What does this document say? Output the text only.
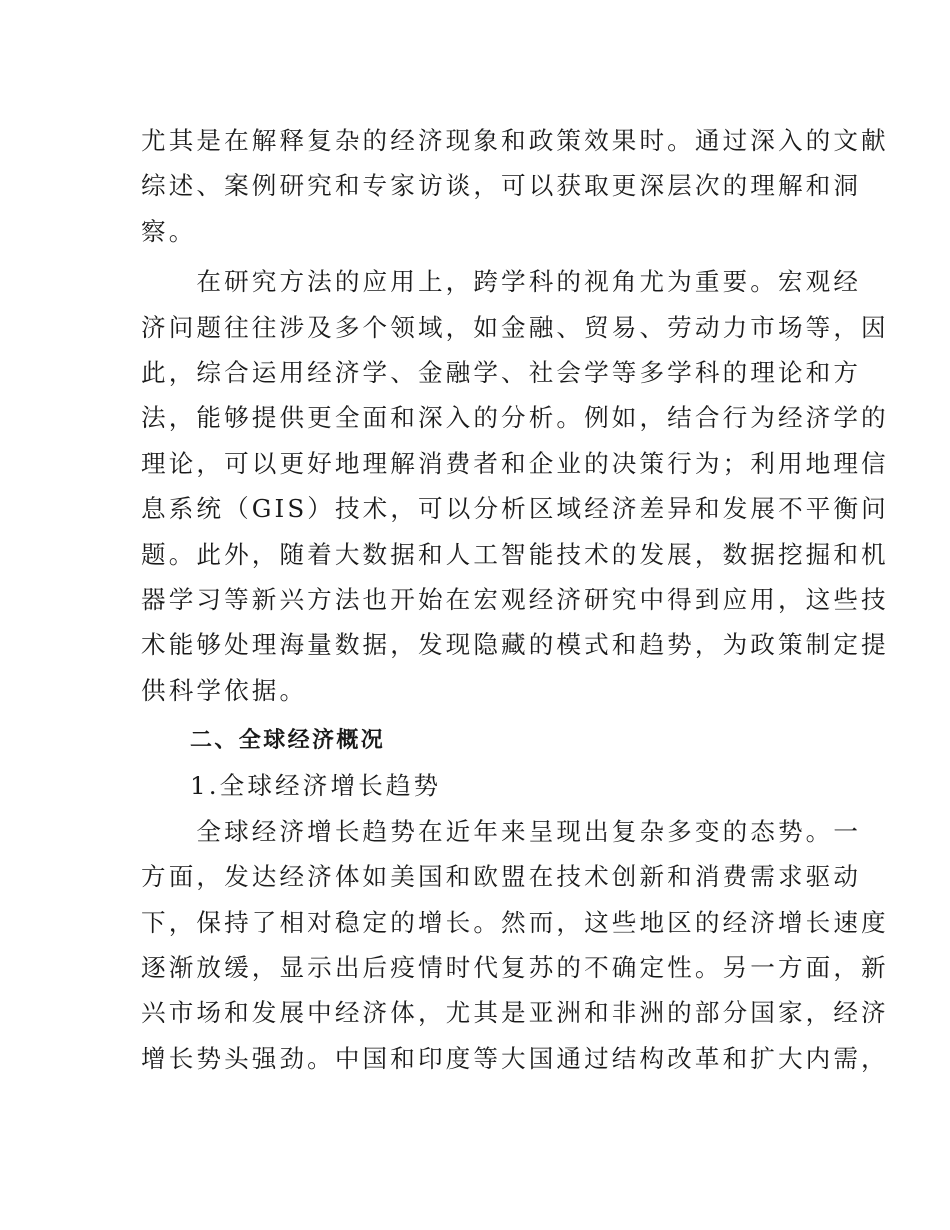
尤其是在解释复杂的经济现象和政策效果时。通过深入的文献
综述、案例研究和专家访谈，可以获取更深层次的理解和洞
察。
　　在研究方法的应用上，跨学科的视角尤为重要。宏观经
济问题往往涉及多个领域，如金融、贸易、劳动力市场等，因
此，综合运用经济学、金融学、社会学等多学科的理论和方
法，能够提供更全面和深入的分析。例如，结合行为经济学的
理论，可以更好地理解消费者和企业的决策行为；利用地理信
息系统（GIS）技术，可以分析区域经济差异和发展不平衡问
题。此外，随着大数据和人工智能技术的发展，数据挖掘和机
器学习等新兴方法也开始在宏观经济研究中得到应用，这些技
术能够处理海量数据，发现隐藏的模式和趋势，为政策制定提
供科学依据。
二、全球经济概况
1.全球经济增长趋势
　　全球经济增长趋势在近年来呈现出复杂多变的态势。一
方面，发达经济体如美国和欧盟在技术创新和消费需求驱动
下，保持了相对稳定的增长。然而，这些地区的经济增长速度
逐渐放缓，显示出后疫情时代复苏的不确定性。另一方面，新
兴市场和发展中经济体，尤其是亚洲和非洲的部分国家，经济
增长势头强劲。中国和印度等大国通过结构改革和扩大内需，
